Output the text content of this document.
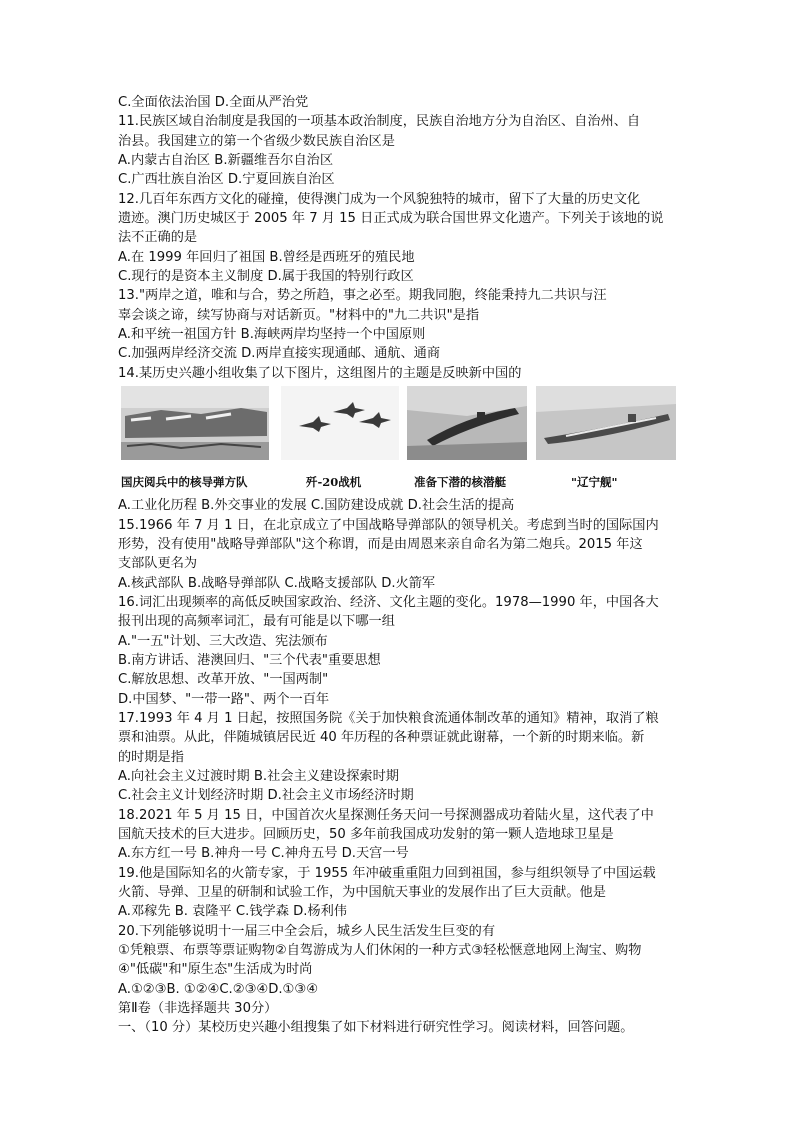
C.全面依法治国 D.全面从严治党
11.民族区域自治制度是我国的一项基本政治制度，民族自治地方分为自治区、自治州、自
治县。我国建立的第一个省级少数民族自治区是
A.内蒙古自治区 B.新疆维吾尔自治区
C.广西壮族自治区 D.宁夏回族自治区
12.几百年东西方文化的碰撞，使得澳门成为一个风貌独特的城市，留下了大量的历史文化
遗迹。澳门历史城区于 2005 年 7 月 15 日正式成为联合国世界文化遗产。下列关于该地的说
法不正确的是
A.在 1999 年回归了祖国 B.曾经是西班牙的殖民地
C.现行的是资本主义制度 D.属于我国的特别行政区
13."两岸之道，唯和与合，势之所趋，事之必至。期我同胞，终能秉持九二共识与汪
辜会谈之谛，续写协商与对话新页。"材料中的"九二共识"是指
A.和平统一祖国方针 B.海峡两岸均坚持一个中国原则
C.加强两岸经济交流 D.两岸直接实现通邮、通航、通商
14.某历史兴趣小组收集了以下图片，这组图片的主题是反映新中国的
国庆阅兵中的核导弹方队	歼-20战机	准备下潜的核潜艇	"辽宁舰"
A.工业化历程 B.外交事业的发展 C.国防建设成就 D.社会生活的提高
15.1966 年 7 月 1 日，在北京成立了中国战略导弹部队的领导机关。考虑到当时的国际国内
形势，没有使用"战略导弹部队"这个称谓，而是由周恩来亲自命名为第二炮兵。2015 年这
支部队更名为
A.核武部队 B.战略导弹部队 C.战略支援部队 D.火箭军
16.词汇出现频率的高低反映国家政治、经济、文化主题的变化。1978—1990 年，中国各大
报刊出现的高频率词汇，最有可能是以下哪一组
A."一五"计划、三大改造、宪法颁布
B.南方讲话、港澳回归、"三个代表"重要思想
C.解放思想、改革开放、"一国两制"
D.中国梦、"一带一路"、两个一百年
17.1993 年 4 月 1 日起，按照国务院《关于加快粮食流通体制改革的通知》精神，取消了粮
票和油票。从此，伴随城镇居民近 40 年历程的各种票证就此谢幕，一个新的时期来临。新
的时期是指
A.向社会主义过渡时期 B.社会主义建设探索时期
C.社会主义计划经济时期 D.社会主义市场经济时期
18.2021 年 5 月 15 日，中国首次火星探测任务天问一号探测器成功着陆火星，这代表了中
国航天技术的巨大进步。回顾历史，50 多年前我国成功发射的第一颗人造地球卫星是
A.东方红一号 B.神舟一号 C.神舟五号 D.天宫一号
19.他是国际知名的火箭专家，于 1955 年冲破重重阻力回到祖国，参与组织领导了中国运载
火箭、导弹、卫星的研制和试验工作，为中国航天事业的发展作出了巨大贡献。他是
A.邓稼先 B. 袁隆平 C.钱学森 D.杨利伟
20.下列能够说明十一届三中全会后，城乡人民生活发生巨变的有
①凭粮票、布票等票证购物②自驾游成为人们休闲的一种方式③轻松惬意地网上淘宝、购物
④"低碳"和"原生态"生活成为时尚
A.①②③B. ①②④C.②③④D.①③④
第Ⅱ卷（非选择题共 30分）
一、（10 分）某校历史兴趣小组搜集了如下材料进行研究性学习。阅读材料，回答问题。
